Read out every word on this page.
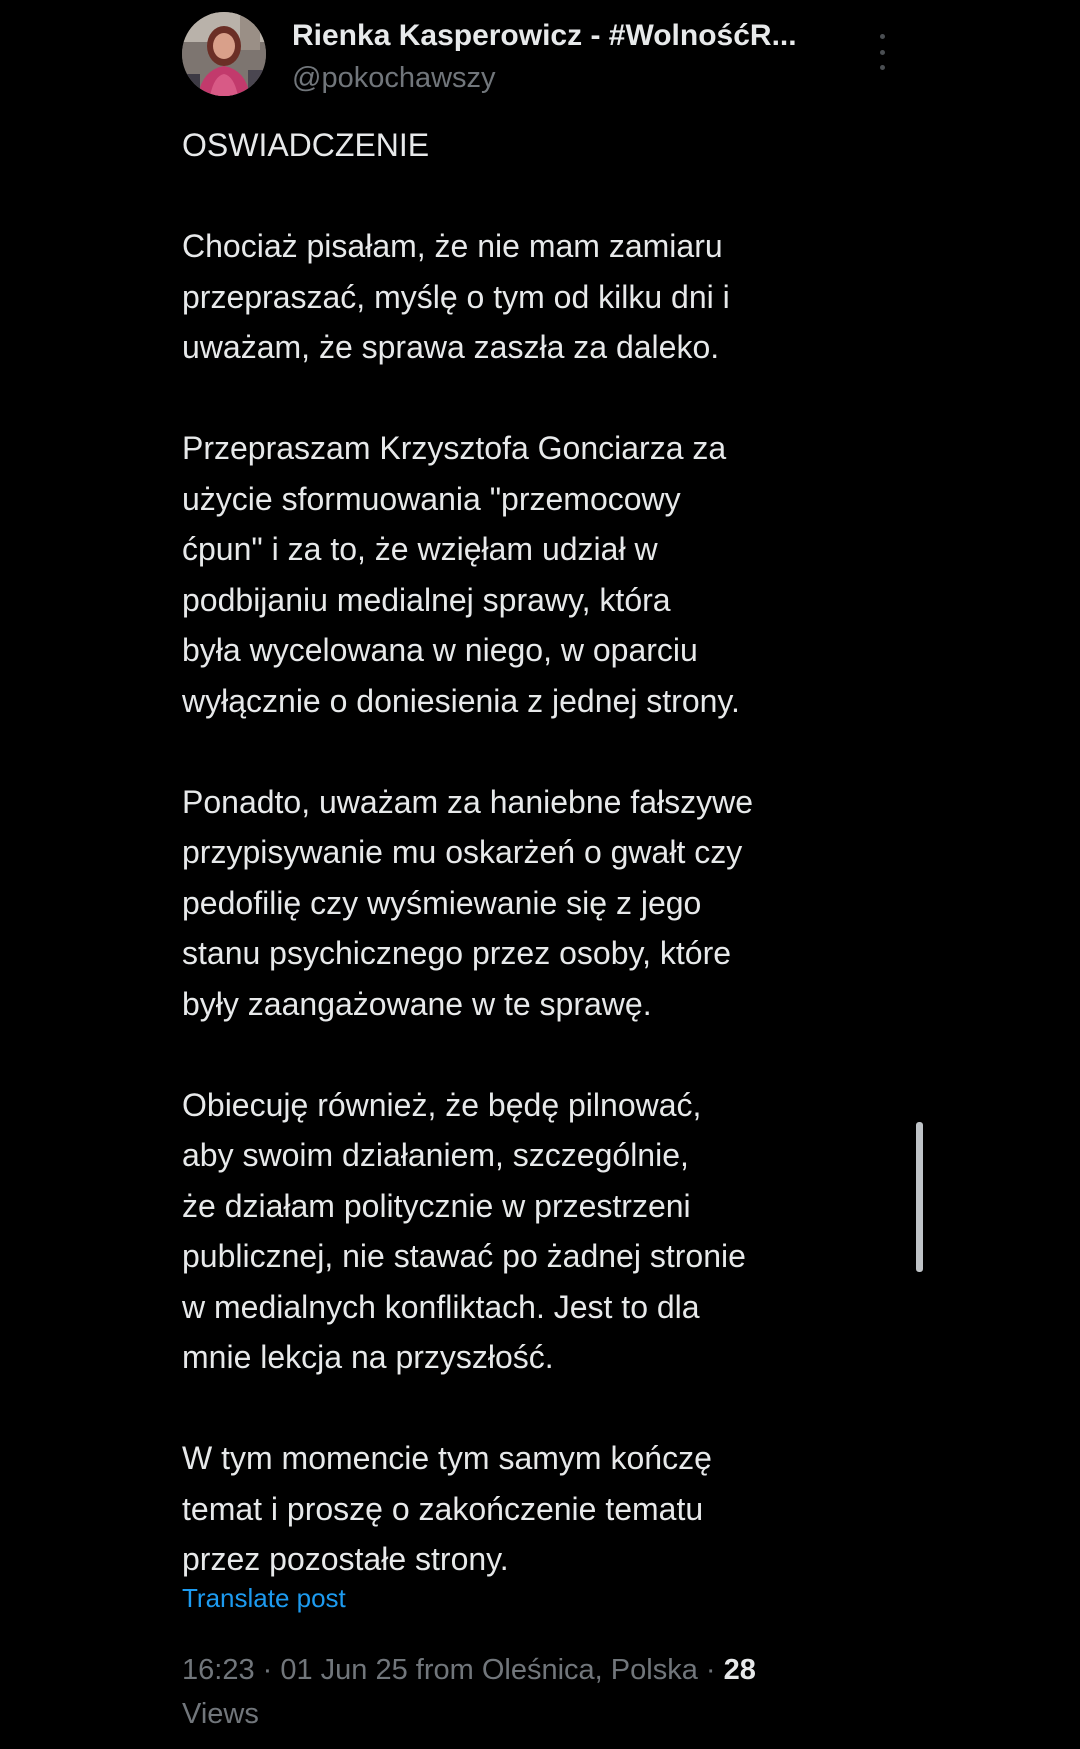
Rienka Kasperowicz - #WolnośćR...
@pokochawszy

OSWIADCZENIE

Chociaż pisałam, że nie mam zamiaru
przepraszać, myślę o tym od kilku dni i
uważam, że sprawa zaszła za daleko.

Przepraszam Krzysztofa Gonciarza za
użycie sformuowania "przemocowy
ćpun" i za to, że wzięłam udział w
podbijaniu medialnej sprawy, która
była wycelowana w niego, w oparciu
wyłącznie o doniesienia z jednej strony.

Ponadto, uważam za haniebne fałszywe
przypisywanie mu oskarżeń o gwałt czy
pedofilię czy wyśmiewanie się z jego
stanu psychicznego przez osoby, które
były zaangażowane w te sprawę.

Obiecuję również, że będę pilnować,
aby swoim działaniem, szczególnie,
że działam politycznie w przestrzeni
publicznej, nie stawać po żadnej stronie
w medialnych konfliktach. Jest to dla
mnie lekcja na przyszłość.

W tym momencie tym samym kończę
temat i proszę o zakończenie tematu
przez pozostałe strony.

Translate post
16:23 · 01 Jun 25 from Oleśnica, Polska · 28
Views
